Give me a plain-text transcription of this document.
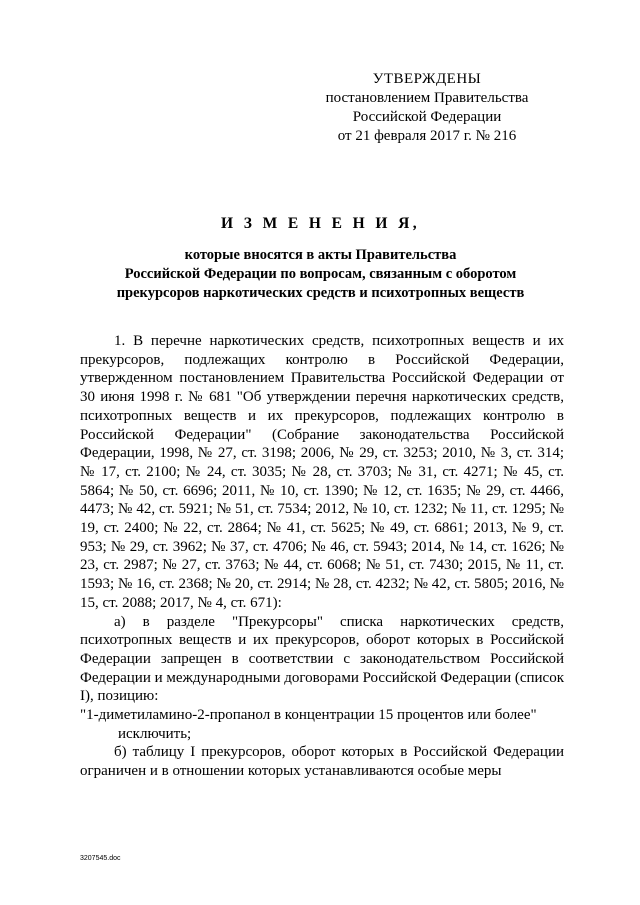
УТВЕРЖДЕНЫ
постановлением Правительства
Российской Федерации
от 21 февраля 2017 г. № 216
И З М Е Н Е Н И Я,
которые вносятся в акты Правительства
Российской Федерации по вопросам, связанным с оборотом
прекурсоров наркотических средств и психотропных веществ

1. В перечне наркотических средств, психотропных веществ и их прекурсоров, подлежащих контролю в Российской Федерации, утвержденном постановлением Правительства Российской Федерации от 30 июня 1998 г. № 681 "Об утверждении перечня наркотических средств, психотропных веществ и их прекурсоров, подлежащих контролю в Российской Федерации" (Собрание законодательства Российской Федерации, 1998, № 27, ст. 3198; 2006, № 29, ст. 3253; 2010, № 3, ст. 314; № 17, ст. 2100; № 24, ст. 3035; № 28, ст. 3703; № 31, ст. 4271; № 45, ст. 5864; № 50, ст. 6696; 2011, № 10, ст. 1390; № 12, ст. 1635; № 29, ст. 4466, 4473; № 42, ст. 5921; № 51, ст. 7534; 2012, № 10, ст. 1232; № 11, ст. 1295; № 19, ст. 2400; № 22, ст. 2864; № 41, ст. 5625; № 49, ст. 6861; 2013, № 9, ст. 953; № 29, ст. 3962; № 37, ст. 4706; № 46, ст. 5943; 2014, № 14, ст. 1626; № 23, ст. 2987; № 27, ст. 3763; № 44, ст. 6068; № 51, ст. 7430; 2015, № 11, ст. 1593; № 16, ст. 2368; № 20, ст. 2914; № 28, ст. 4232; № 42, ст. 5805; 2016, № 15, ст. 2088; 2017, № 4, ст. 671):

а) в разделе "Прекурсоры" списка наркотических средств, психотропных веществ и их прекурсоров, оборот которых в Российской Федерации запрещен в соответствии с законодательством Российской Федерации и международными договорами Российской Федерации (список I), позицию:

"1-диметиламино-2-пропанол в концентрации 15 процентов или более"

исключить;

б) таблицу I прекурсоров, оборот которых в Российской Федерации ограничен и в отношении которых устанавливаются особые меры

3207545.doc
